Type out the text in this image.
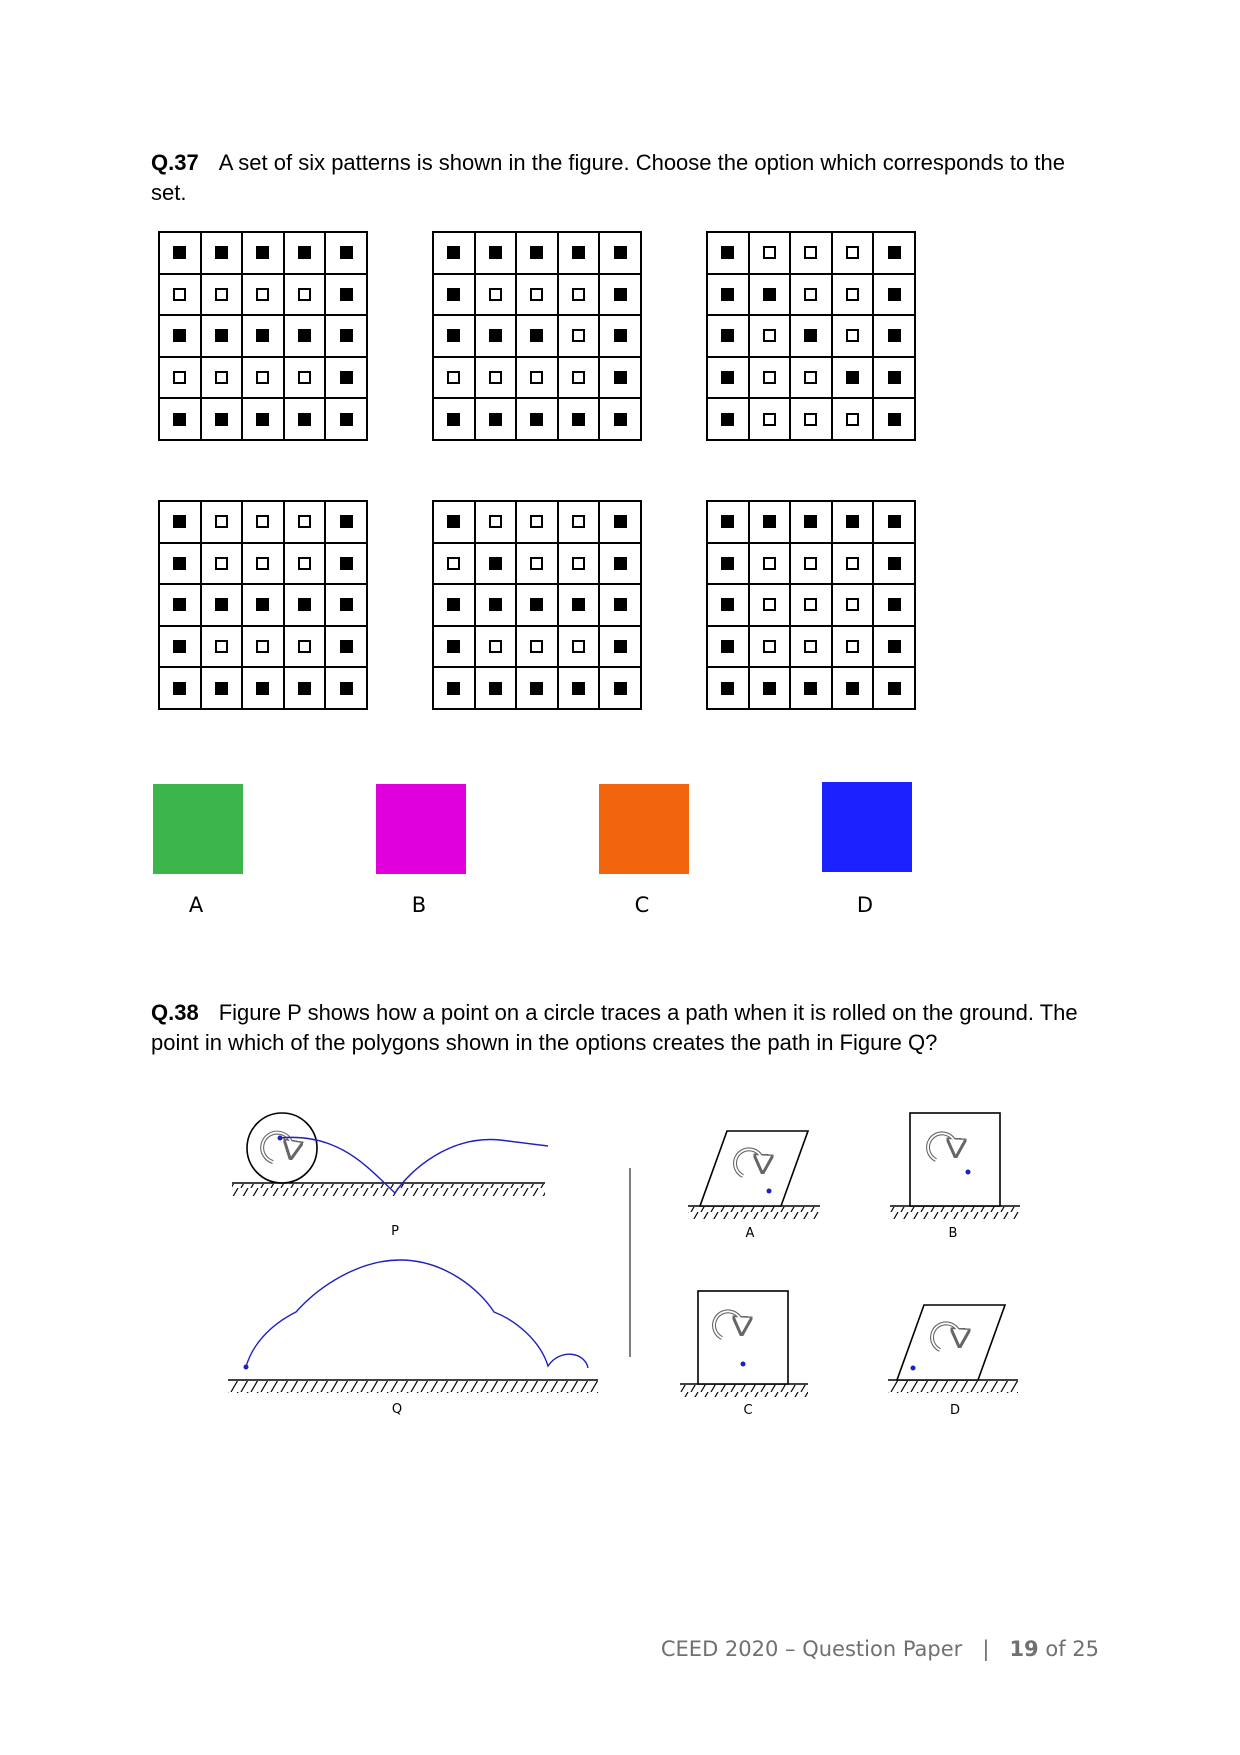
Q.37 A set of six patterns is shown in the figure. Choose the option which corresponds to the set.
A	B	C	D
Q.38 Figure P shows how a point on a circle traces a path when it is rolled on the ground. The point in which of the polygons shown in the options creates the path in Figure Q?
P
Q
A	B
C	D
CEED 2020 – Question Paper | 19 of 25
